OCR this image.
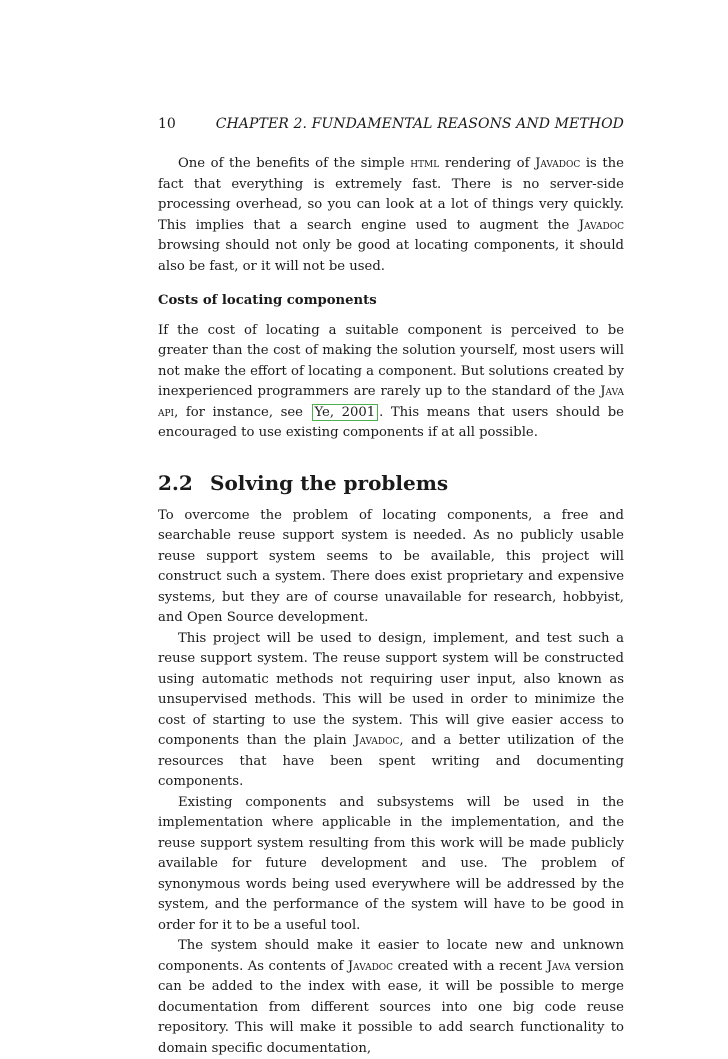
10	CHAPTER 2. FUNDAMENTAL REASONS AND METHOD

One of the benefits of the simple html rendering of Javadoc is the fact that everything is extremely fast. There is no server-side processing overhead, so you can look at a lot of things very quickly. This implies that a search engine used to augment the Javadoc browsing should not only be good at locating components, it should also be fast, or it will not be used.

Costs of locating components

If the cost of locating a suitable component is perceived to be greater than the cost of making the solution yourself, most users will not make the effort of locating a component. But solutions created by inexperienced programmers are rarely up to the standard of the Java api, for instance, see Ye, 2001 . This means that users should be encouraged to use existing components if at all possible.

2.2 Solving the problems

To overcome the problem of locating components, a free and searchable reuse support system is needed. As no publicly usable reuse support system seems to be available, this project will construct such a system. There does exist proprietary and expensive systems, but they are of course unavailable for research, hobbyist, and Open Source development.

This project will be used to design, implement, and test such a reuse support system. The reuse support system will be constructed using automatic methods not requiring user input, also known as unsupervised methods. This will be used in order to minimize the cost of starting to use the system. This will give easier access to components than the plain Javadoc, and a better utilization of the resources that have been spent writing and documenting components.

Existing components and subsystems will be used in the implementation where applicable in the implementation, and the reuse support system resulting from this work will be made publicly available for future development and use. The problem of synonymous words being used everywhere will be addressed by the system, and the performance of the system will have to be good in order for it to be a useful tool.

The system should make it easier to locate new and unknown components. As contents of Javadoc created with a recent Java version can be added to the index with ease, it will be possible to merge documentation from different sources into one big code reuse repository. This will make it possible to add search functionality to domain specific documentation,
